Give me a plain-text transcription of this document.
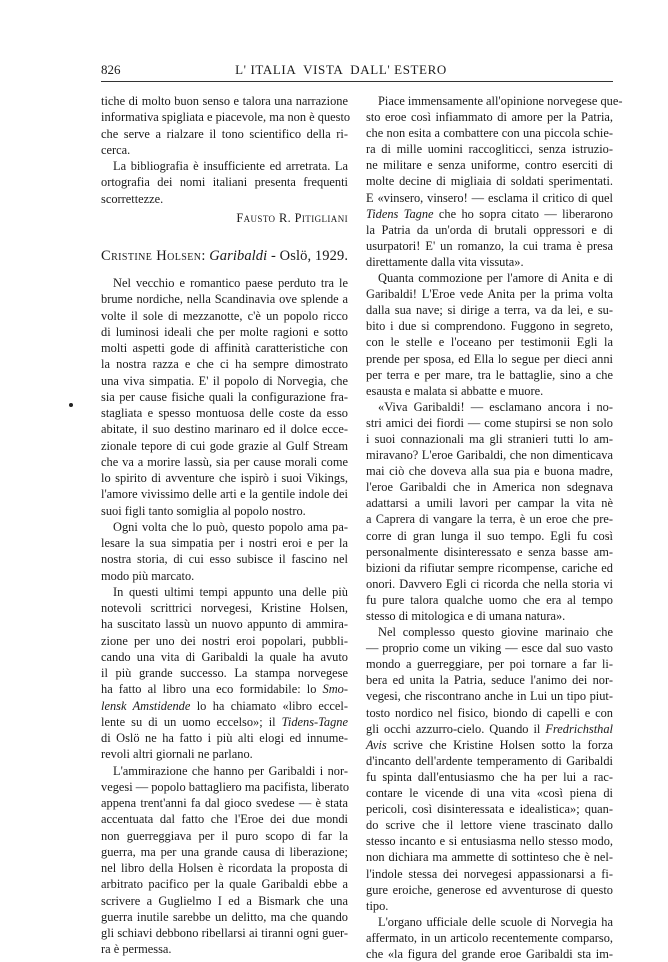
826	L' ITALIA  VISTA  DALL' ESTERO
tiche di molto buon senso e talora una narrazione
informativa spigliata e piacevole, ma non è questo
che serve a rialzare il tono scientifico della ri-
cerca.
La bibliografia è insufficiente ed arretrata. La
ortografia dei nomi italiani presenta frequenti
scorrettezze.
Fausto R. Pitigliani
Cristine Holsen: Garibaldi - Oslö, 1929.
Nel vecchio e romantico paese perduto tra le
brume nordiche, nella Scandinavia ove splende a
volte il sole di mezzanotte, c'è un popolo ricco
di luminosi ideali che per molte ragioni e sotto
molti aspetti gode di affinità caratteristiche con
la nostra razza e che ci ha sempre dimostrato
una viva simpatia. E' il popolo di Norvegia, che
sia per cause fisiche quali la configurazione fra-
stagliata e spesso montuosa delle coste da esso
abitate, il suo destino marinaro ed il dolce ecce-
zionale tepore di cui gode grazie al Gulf Stream
che va a morire lassù, sia per cause morali come
lo spirito di avventure che ispirò i suoi Vikings,
l'amore vivissimo delle arti e la gentile indole dei
suoi figli tanto somiglia al popolo nostro.
Ogni volta che lo può, questo popolo ama pa-
lesare la sua simpatia per i nostri eroi e per la
nostra storia, di cui esso subisce il fascino nel
modo più marcato.
In questi ultimi tempi appunto una delle più
notevoli scrittrici norvegesi, Kristine Holsen,
ha suscitato lassù un nuovo appunto di ammira-
zione per uno dei nostri eroi popolari, pubbli-
cando una vita di Garibaldi la quale ha avuto
il più grande successo. La stampa norvegese
ha fatto al libro una eco formidabile: lo Smo-
lensk Amstidende lo ha chiamato «libro eccel-
lente su di un uomo eccelso»; il Tidens-Tagne
di Oslö ne ha fatto i più alti elogi ed innume-
revoli altri giornali ne parlano.
L'ammirazione che hanno per Garibaldi i nor-
vegesi — popolo battagliero ma pacifista, liberato
appena trent'anni fa dal gioco svedese — è stata
accentuata dal fatto che l'Eroe dei due mondi
non guerreggiava per il puro scopo di far la
guerra, ma per una grande causa di liberazione;
nel libro della Holsen è ricordata la proposta di
arbitrato pacifico per la quale Garibaldi ebbe a
scrivere a Guglielmo I ed a Bismark che una
guerra inutile sarebbe un delitto, ma che quando
gli schiavi debbono ribellarsi ai tiranni ogni guer-
ra è permessa.
Piace immensamente all'opinione norvegese que-
sto eroe così infiammato di amore per la Patria,
che non esita a combattere con una piccola schie-
ra di mille uomini raccogliticci, senza istruzio-
ne militare e senza uniforme, contro eserciti di
molte decine di migliaia di soldati sperimentati.
E «vinsero, vinsero! — esclama il critico di quel
Tidens Tagne che ho sopra citato — liberarono
la Patria da un'orda di brutali oppressori e di
usurpatori! E' un romanzo, la cui trama è presa
direttamente dalla vita vissuta».
Quanta commozione per l'amore di Anita e di
Garibaldi! L'Eroe vede Anita per la prima volta
dalla sua nave; si dirige a terra, va da lei, e su-
bito i due si comprendono. Fuggono in segreto,
con le stelle e l'oceano per testimonii Egli la
prende per sposa, ed Ella lo segue per dieci anni
per terra e per mare, tra le battaglie, sino a che
esausta e malata si abbatte e muore.
«Viva Garibaldi! — esclamano ancora i no-
stri amici dei fiordi — come stupirsi se non solo
i suoi connazionali ma gli stranieri tutti lo am-
miravano? L'eroe Garibaldi, che non dimenticava
mai ciò che doveva alla sua pia e buona madre,
l'eroe Garibaldi che in America non sdegnava
adattarsi a umili lavori per campar la vita nè
a Caprera di vangare la terra, è un eroe che pre-
corre di gran lunga il suo tempo. Egli fu così
personalmente disinteressato e senza basse am-
bizioni da rifiutar sempre ricompense, cariche ed
onori. Davvero Egli ci ricorda che nella storia vi
fu pure talora qualche uomo che era al tempo
stesso di mitologica e di umana natura».
Nel complesso questo giovine marinaio che
— proprio come un viking — esce dal suo vasto
mondo a guerreggiare, per poi tornare a far li-
bera ed unita la Patria, seduce l'animo dei nor-
vegesi, che riscontrano anche in Lui un tipo piut-
tosto nordico nel fisico, biondo di capelli e con
gli occhi azzurro-cielo. Quando il Fredrichsthal
Avis scrive che Kristine Holsen sotto la forza
d'incanto dell'ardente temperamento di Garibaldi
fu spinta dall'entusiasmo che ha per lui a rac-
contare le vicende di una vita «così piena di
pericoli, così disinteressata e idealistica»; quan-
do scrive che il lettore viene trascinato dallo
stesso incanto e si entusiasma nello stesso modo,
non dichiara ma ammette di sottinteso che è nel-
l'indole stessa dei norvegesi appassionarsi a fi-
gure eroiche, generose ed avventurose di questo
tipo.
L'organo ufficiale delle scuole di Norvegia ha
affermato, in un articolo recentemente comparso,
che «la figura del grande eroe Garibaldi sta im-
